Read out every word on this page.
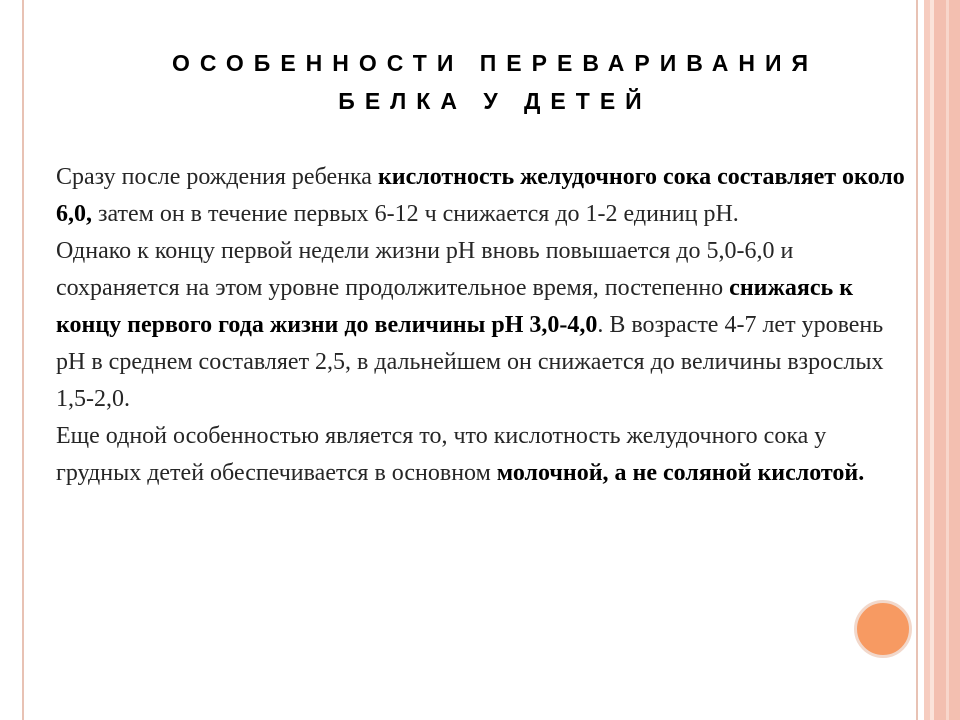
ОСОБЕННОСТИ ПЕРЕВАРИВАНИЯ
БЕЛКА У ДЕТЕЙ

Сразу после рождения ребенка кислотность желудочного сока составляет около 6,0, затем он в течение первых 6-12 ч снижается до 1-2 единиц pH.

Однако к концу первой недели жизни pH вновь повышается до 5,0-6,0 и сохраняется на этом уровне продолжительное время, постепенно снижаясь к концу первого года жизни до величины pH 3,0-4,0. В возрасте 4-7 лет уровень pH в среднем составляет 2,5, в дальнейшем он снижается до величины взрослых 1,5-2,0.

Еще одной особенностью является то, что кислотность желудочного сока у грудных детей обеспечивается в основном молочной, а не соляной кислотой.
